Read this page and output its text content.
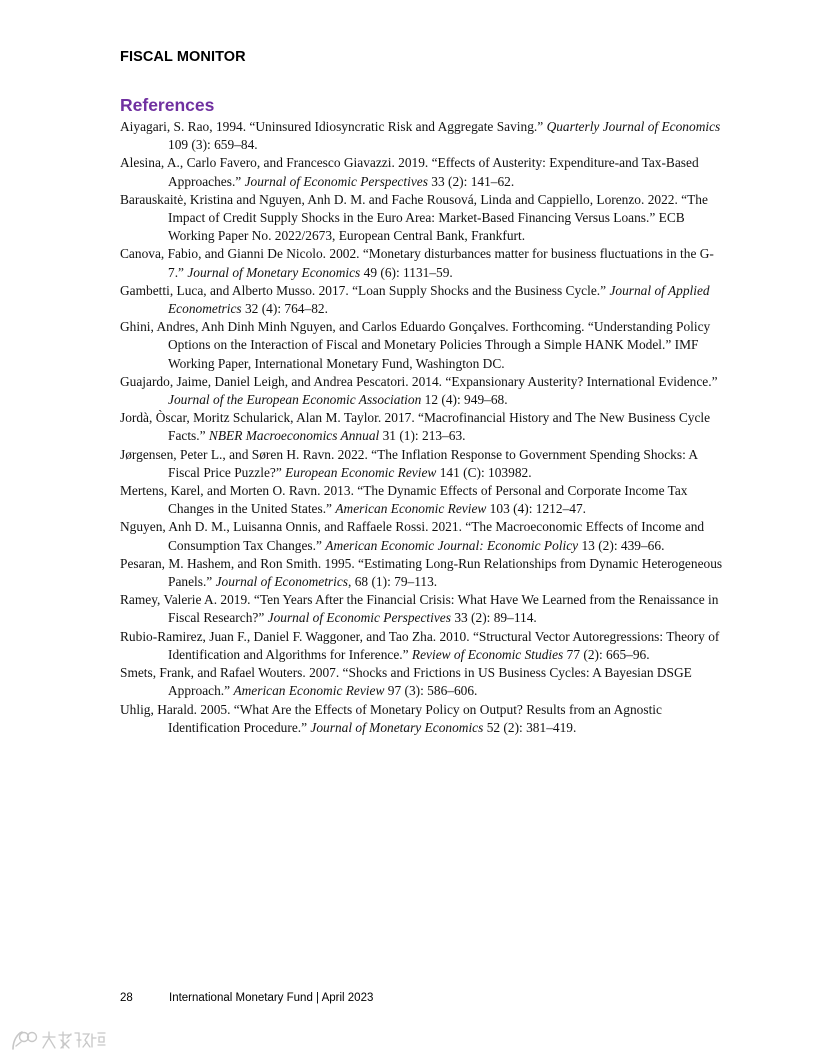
FISCAL MONITOR
References
Aiyagari, S. Rao, 1994. “Uninsured Idiosyncratic Risk and Aggregate Saving.” Quarterly Journal of Economics 109 (3): 659–84.
Alesina, A., Carlo Favero, and Francesco Giavazzi. 2019. “Effects of Austerity: Expenditure-and Tax-Based Approaches.” Journal of Economic Perspectives 33 (2): 141–62.
Barauskaitė, Kristina and Nguyen, Anh D. M. and Fache Rousová, Linda and Cappiello, Lorenzo. 2022. “The Impact of Credit Supply Shocks in the Euro Area: Market-Based Financing Versus Loans.” ECB Working Paper No. 2022/2673, European Central Bank, Frankfurt.
Canova, Fabio, and Gianni De Nicolo. 2002. “Monetary disturbances matter for business fluctuations in the G-7.” Journal of Monetary Economics 49 (6): 1131–59.
Gambetti, Luca, and Alberto Musso. 2017. “Loan Supply Shocks and the Business Cycle.” Journal of Applied Econometrics 32 (4): 764–82.
Ghini, Andres, Anh Dinh Minh Nguyen, and Carlos Eduardo Gonçalves. Forthcoming. “Understanding Policy Options on the Interaction of Fiscal and Monetary Policies Through a Simple HANK Model.” IMF Working Paper, International Monetary Fund, Washington DC.
Guajardo, Jaime, Daniel Leigh, and Andrea Pescatori. 2014. “Expansionary Austerity? International Evidence.” Journal of the European Economic Association 12 (4): 949–68.
Jordà, Òscar, Moritz Schularick, Alan M. Taylor. 2017. “Macrofinancial History and The New Business Cycle Facts.” NBER Macroeconomics Annual 31 (1): 213–63.
Jørgensen, Peter L., and Søren H. Ravn. 2022. “The Inflation Response to Government Spending Shocks: A Fiscal Price Puzzle?” European Economic Review 141 (C): 103982.
Mertens, Karel, and Morten O. Ravn. 2013. “The Dynamic Effects of Personal and Corporate Income Tax Changes in the United States.” American Economic Review 103 (4): 1212–47.
Nguyen, Anh D. M., Luisanna Onnis, and Raffaele Rossi. 2021. “The Macroeconomic Effects of Income and Consumption Tax Changes.” American Economic Journal: Economic Policy 13 (2): 439–66.
Pesaran, M. Hashem, and Ron Smith. 1995. “Estimating Long-Run Relationships from Dynamic Heterogeneous Panels.” Journal of Econometrics, 68 (1): 79–113.
Ramey, Valerie A. 2019. “Ten Years After the Financial Crisis: What Have We Learned from the Renaissance in Fiscal Research?” Journal of Economic Perspectives 33 (2): 89–114.
Rubio-Ramirez, Juan F., Daniel F. Waggoner, and Tao Zha. 2010. “Structural Vector Autoregressions: Theory of Identification and Algorithms for Inference.” Review of Economic Studies 77 (2): 665–96.
Smets, Frank, and Rafael Wouters. 2007. “Shocks and Frictions in US Business Cycles: A Bayesian DSGE Approach.” American Economic Review 97 (3): 586–606.
Uhlig, Harald. 2005. “What Are the Effects of Monetary Policy on Output? Results from an Agnostic Identification Procedure.” Journal of Monetary Economics 52 (2): 381–419.
28	International Monetary Fund | April 2023
